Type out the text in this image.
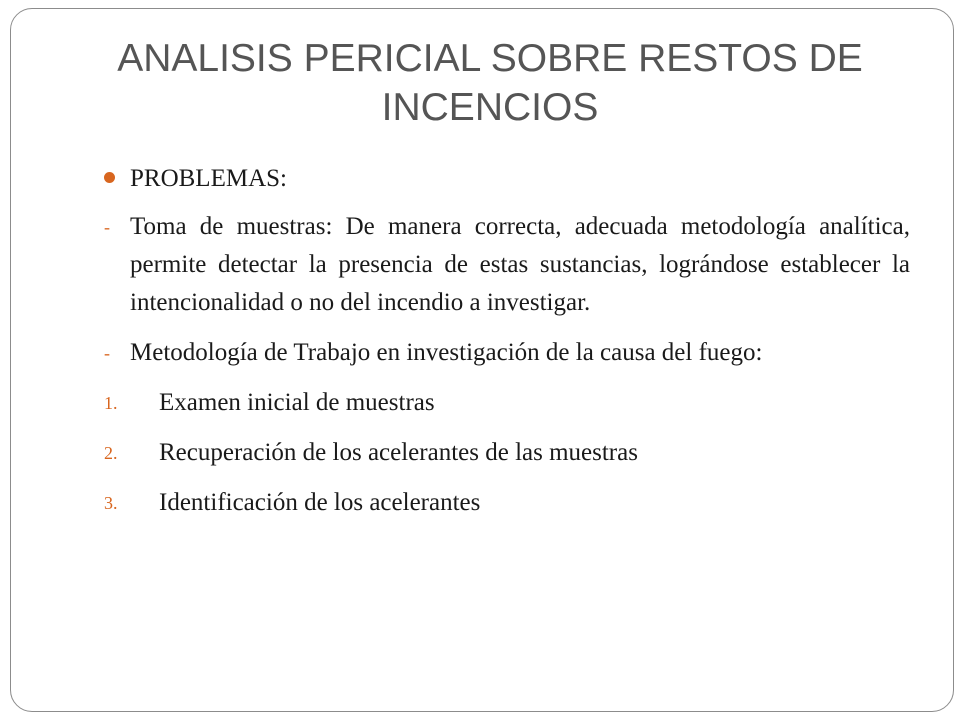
ANALISIS PERICIAL SOBRE RESTOS DE INCENCIOS
PROBLEMAS:
- Toma de muestras: De manera correcta, adecuada metodología analítica, permite detectar la presencia de estas sustancias, lográndose establecer la intencionalidad o no del incendio a investigar.
- Metodología de Trabajo en investigación de la causa del fuego:
1. Examen inicial de muestras
2. Recuperación de los acelerantes de las muestras
3. Identificación de los acelerantes
